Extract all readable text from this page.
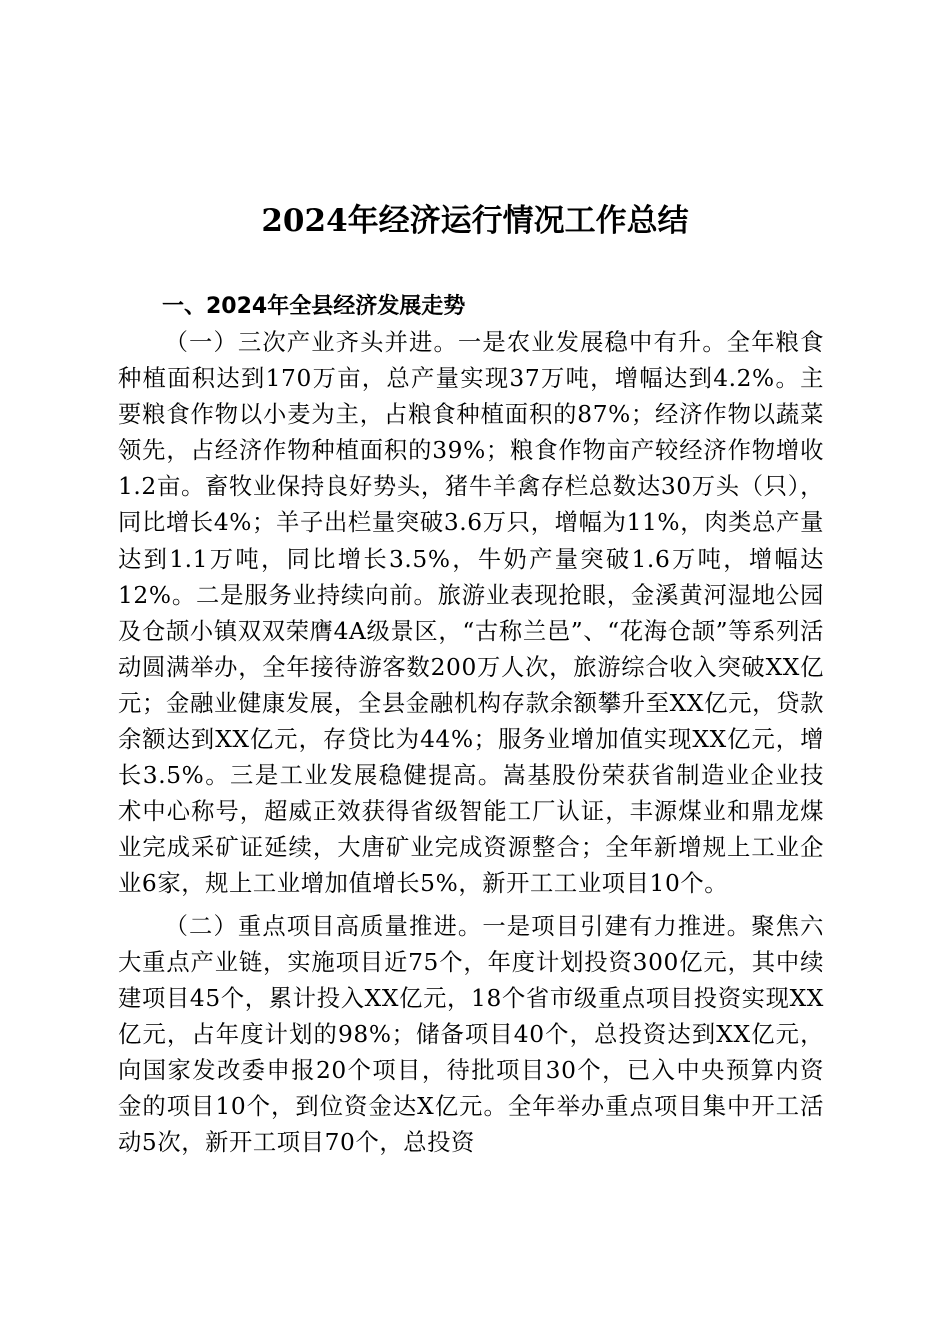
2024年经济运行情况工作总结
一、2024年全县经济发展走势

（一）三次产业齐头并进。一是农业发展稳中有升。全年粮食种植面积达到170万亩，总产量实现37万吨，增幅达到4.2%。主要粮食作物以小麦为主，占粮食种植面积的87%；经济作物以蔬菜领先，占经济作物种植面积的39%；粮食作物亩产较经济作物增收1.2亩。畜牧业保持良好势头，猪牛羊禽存栏总数达30万头（只），同比增长4%；羊子出栏量突破3.6万只，增幅为11%，肉类总产量达到1.1万吨，同比增长3.5%，牛奶产量突破1.6万吨，增幅达12%。二是服务业持续向前。旅游业表现抢眼，金溪黄河湿地公园及仓颉小镇双双荣膺4A级景区，“古称兰邑”、“花海仓颉”等系列活动圆满举办，全年接待游客数200万人次，旅游综合收入突破XX亿元；金融业健康发展，全县金融机构存款余额攀升至XX亿元，贷款余额达到XX亿元，存贷比为44%；服务业增加值实现XX亿元，增长3.5%。三是工业发展稳健提高。嵩基股份荣获省制造业企业技术中心称号，超威正效获得省级智能工厂认证，丰源煤业和鼎龙煤业完成采矿证延续，大唐矿业完成资源整合；全年新增规上工业企业6家，规上工业增加值增长5%，新开工工业项目10个。

（二）重点项目高质量推进。一是项目引建有力推进。聚焦六大重点产业链，实施项目近75个，年度计划投资300亿元，其中续建项目45个，累计投入XX亿元，18个省市级重点项目投资实现XX亿元，占年度计划的98%；储备项目40个，总投资达到XX亿元，向国家发改委申报20个项目，待批项目30个，已入中央预算内资金的项目10个，到位资金达X亿元。全年举办重点项目集中开工活动5次，新开工项目70个，总投资
